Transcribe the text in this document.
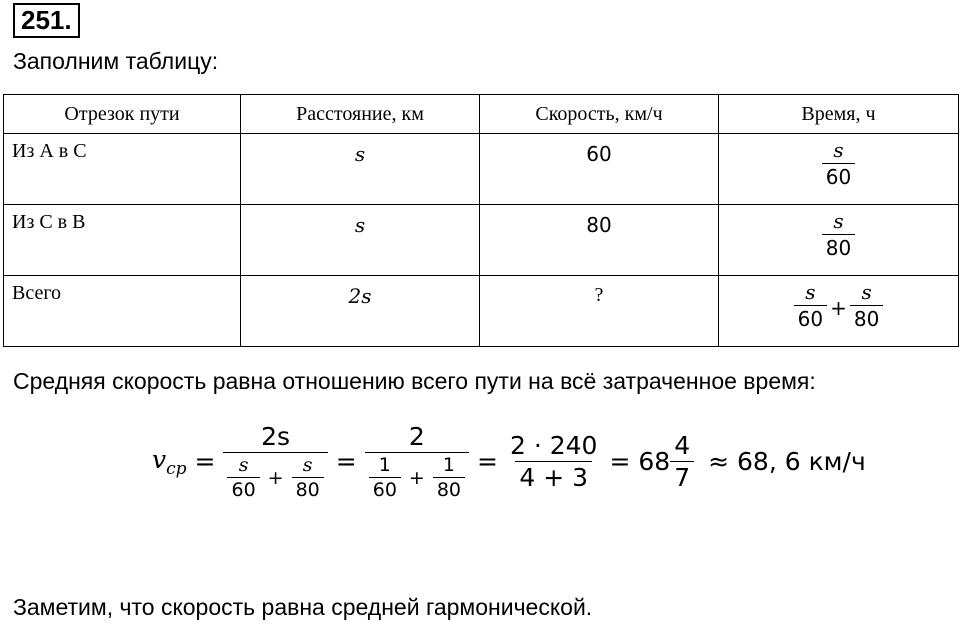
251.
Заполним таблицу:
Отрезок пути	Расстояние, км	Скорость, км/ч	Время, ч
Из А в С	s	60	$\frac{s}{60}$

Из С в В	s	80	$\frac{s}{80}$

Всего	2s	?	$\frac{s}{60} + \frac{s}{80}$
Средняя скорость равна отношению всего пути на всё затраченное время:
$v_{cp} = \frac{2s}{\frac{s}{60} + \frac{s}{80}} = \frac{2}{\frac{1}{60} + \frac{1}{80}} = \frac{2 \cdot 240}{4 + 3} = 68 \frac{4}{7} \approx 68$, 6 км/ч
Заметим, что скорость равна средней гармонической.
